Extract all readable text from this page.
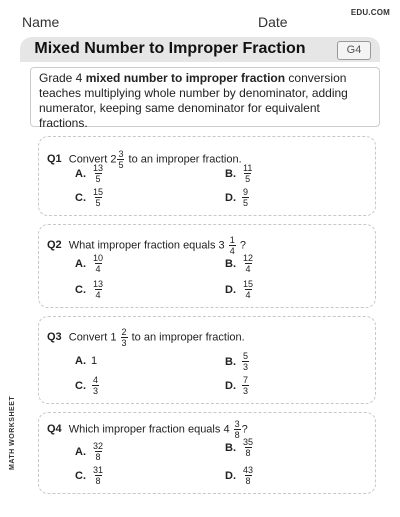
EDU.COM
Name	Date
Mixed Number to Improper Fraction	G4
Grade 4 mixed number to improper fraction conversion teaches multiplying whole number by denominator, adding numerator, keeping same denominator for equivalent fractions.
MATH WORKSHEET
Q1 Convert $2 \frac{3}{5}$ to an improper fraction.
A. $\frac{13}{5}$	B. $\frac{11}{5}$
C. $\frac{15}{5}$	D. $\frac{9}{5}$
Q2 What improper fraction equals $3 \frac{1}{4}$ ?
A. $\frac{10}{4}$	B. $\frac{12}{4}$
C. $\frac{13}{4}$	D. $\frac{15}{4}$
Q3 Convert $1 \frac{2}{3}$ to an improper fraction.
A. 1	B. $\frac{5}{3}$
C. $\frac{4}{3}$	D. $\frac{7}{3}$
Q4 Which improper fraction equals $4 \frac{3}{8}$ ?
A. $\frac{32}{8}$	B. $\frac{35}{8}$
C. $\frac{31}{8}$	D. $\frac{43}{8}$
